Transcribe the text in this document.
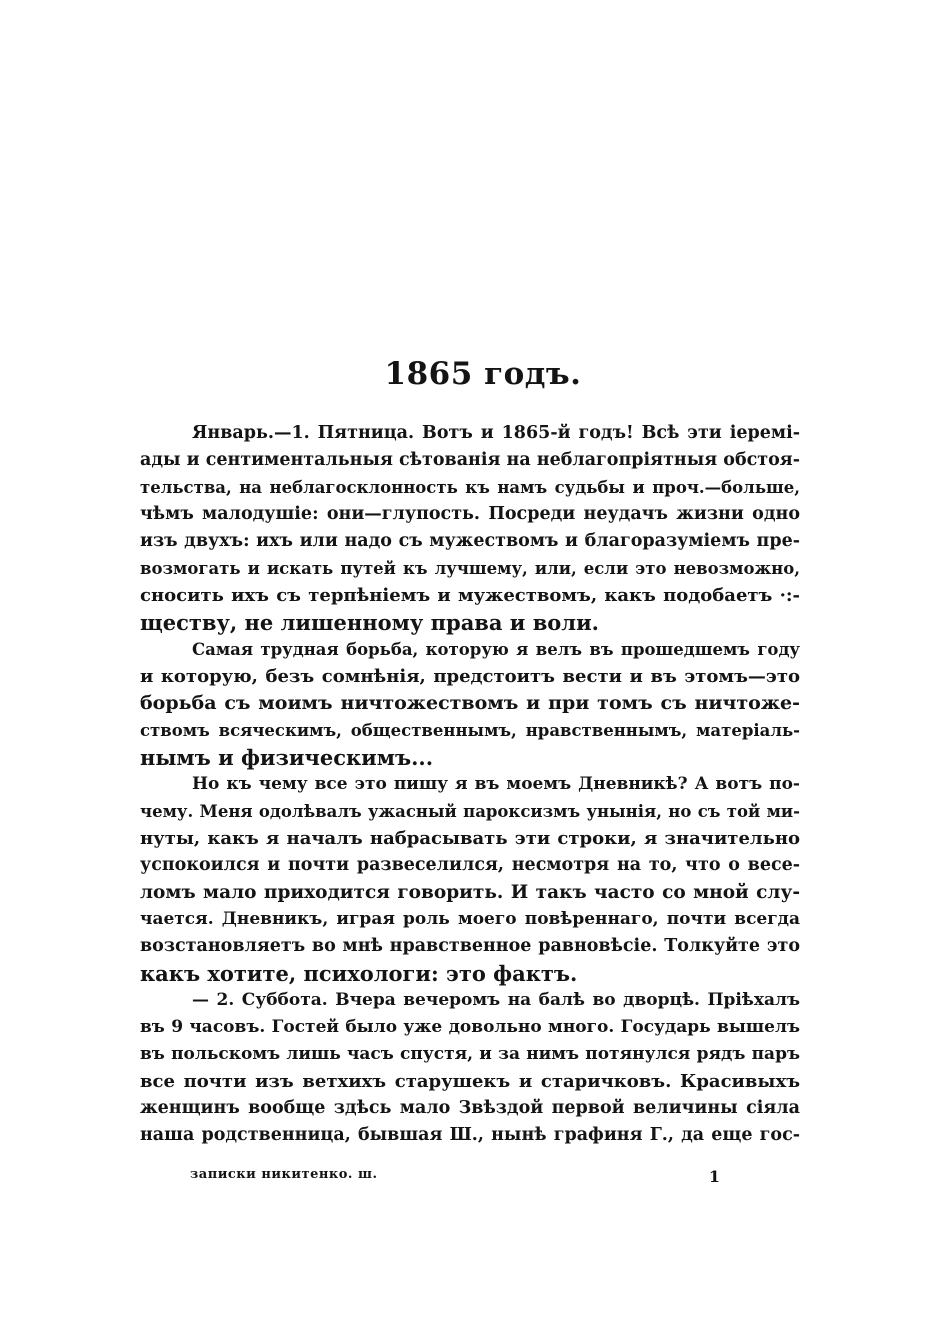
1865 годъ.
Январь.—1. Пятница. Вотъ и 1865-й годъ! Всѣ эти іеремі-
ады и сентиментальныя сѣтованія на неблагопріятныя обстоя-
тельства, на неблагосклонность къ намъ судьбы и проч.—больше,
чѣмъ малодушіе: они—глупость. Посреди неудачъ жизни одно
изъ двухъ: ихъ или надо съ мужествомъ и благоразуміемъ пре-
возмогать и искать путей къ лучшему, или, если это невозможно,
сносить ихъ съ терпѣніемъ и мужествомъ, какъ подобаетъ ·:-
ществу, не лишенному права и воли.
Самая трудная борьба, которую я велъ въ прошедшемъ году
и которую, безъ сомнѣнія, предстоитъ вести и въ этомъ—это
борьба съ моимъ ничтожествомъ и при томъ съ ничтоже-
ствомъ всяческимъ, общественнымъ, нравственнымъ, матеріаль-
нымъ и физическимъ...
Но къ чему все это пишу я въ моемъ Дневникѣ? А вотъ по-
чему. Меня одолѣвалъ ужасный пароксизмъ унынія, но съ той ми-
нуты, какъ я началъ набрасывать эти строки, я значительно
успокоился и почти развеселился, несмотря на то, что о весе-
ломъ мало приходится говорить. И такъ часто со мной слу-
чается. Дневникъ, играя роль моего повѣреннаго, почти всегда
возстановляетъ во мнѣ нравственное равновѣсіе. Толкуйте это
какъ хотите, психологи: это фактъ.
— 2. Суббота. Вчера вечеромъ на балѣ во дворцѣ. Пріѣхалъ
въ 9 часовъ. Гостей было уже довольно много. Государь вышелъ
въ польскомъ лишь часъ спустя, и за нимъ потянулся рядъ паръ
все почти изъ ветхихъ старушекъ и старичковъ. Красивыхъ
женщинъ вообще здѣсь мало Звѣздой первой величины сіяла
наша родственница, бывшая Ш., нынѣ графиня Г., да еще гос-
записки никитенко. ш.	1
